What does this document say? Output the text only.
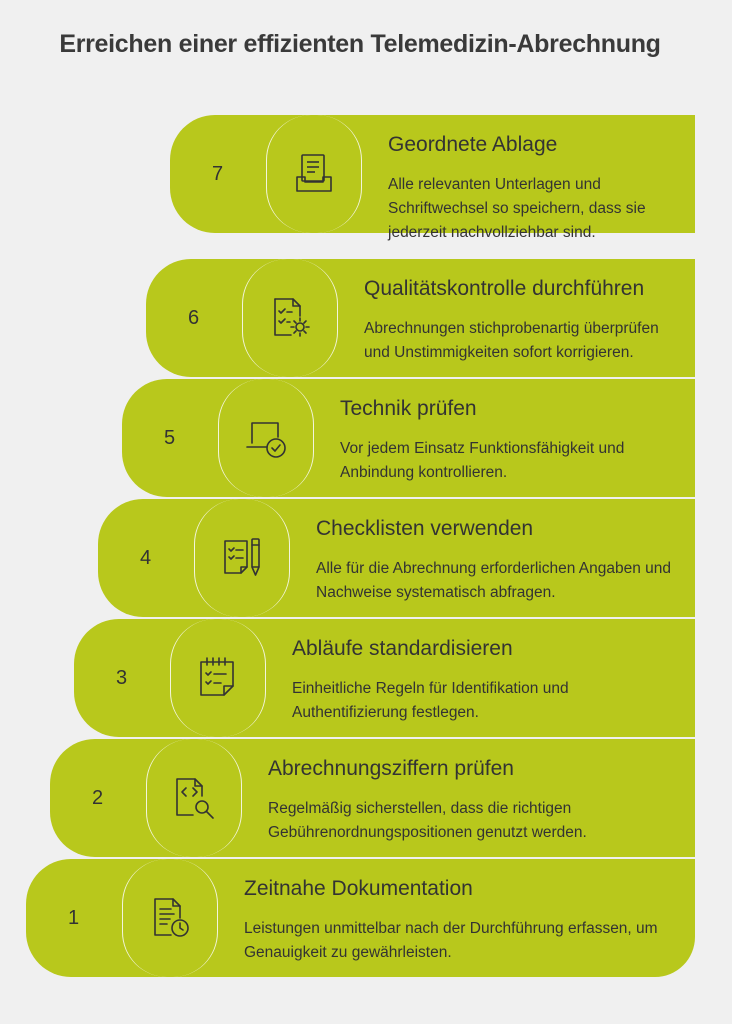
Erreichen einer effizienten Telemedizin-Abrechnung
7
Geordnete Ablage
Alle relevanten Unterlagen und Schriftwechsel so speichern, dass sie jederzeit nachvollziehbar sind.
6
Qualitätskontrolle durchführen
Abrechnungen stichprobenartig überprüfen und Unstimmigkeiten sofort korrigieren.
5
Technik prüfen
Vor jedem Einsatz Funktionsfähigkeit und Anbindung kontrollieren.
4
Checklisten verwenden
Alle für die Abrechnung erforderlichen Angaben und Nachweise systematisch abfragen.
3
Abläufe standardisieren
Einheitliche Regeln für Identifikation und Authentifizierung festlegen.
2
Abrechnungsziffern prüfen
Regelmäßig sicherstellen, dass die richtigen Gebührenordnungspositionen genutzt werden.
1
Zeitnahe Dokumentation
Leistungen unmittelbar nach der Durchführung erfassen, um Genauigkeit zu gewährleisten.
